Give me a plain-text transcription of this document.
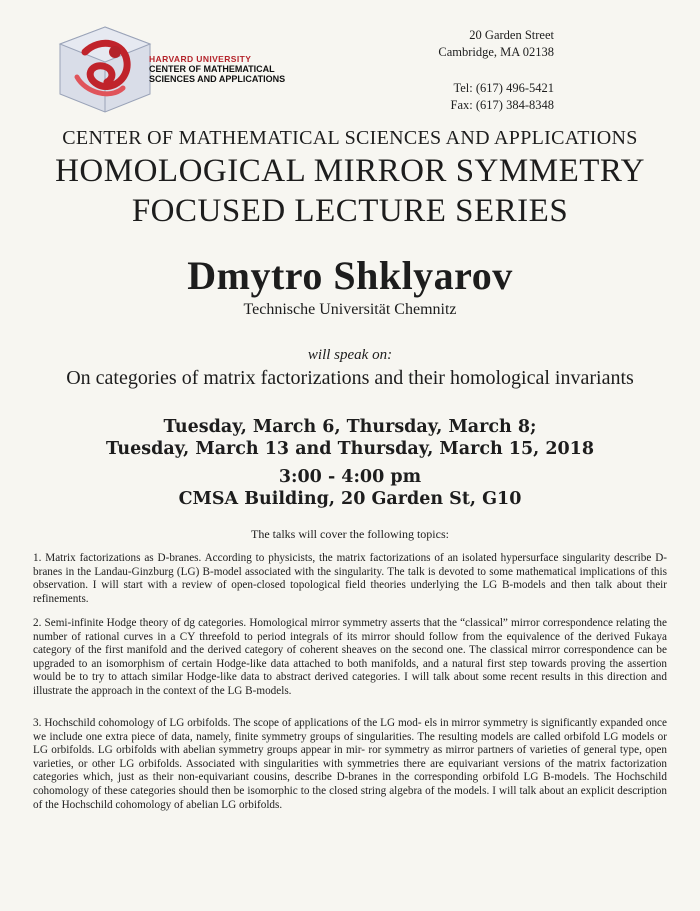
HARVARD UNIVERSITY
CENTER OF MATHEMATICAL
SCIENCES AND APPLICATIONS
20 Garden Street
Cambridge, MA 02138
Tel: (617) 496-5421
Fax: (617) 384-8348
CENTER OF MATHEMATICAL SCIENCES AND APPLICATIONS
HOMOLOGICAL MIRROR SYMMETRY
FOCUSED LECTURE SERIES
Dmytro Shklyarov
Technische Universität Chemnitz
will speak on:
On categories of matrix factorizations and their homological invariants
Tuesday, March 6, Thursday, March 8;
Tuesday, March 13 and Thursday, March 15, 2018
3:00 - 4:00 pm
CMSA Building, 20 Garden St, G10
The talks will cover the following topics:
1. Matrix factorizations as D-branes. According to physicists, the matrix factorizations of an isolated hypersurface singularity describe D-branes in the Landau-Ginzburg (LG) B-model associated with the singularity. The talk is devoted to some mathematical implications of this observation. I will start with a review of open-closed topological field theories underlying the LG B-models and then talk about their refinements.
2. Semi-infinite Hodge theory of dg categories. Homological mirror symmetry asserts that the “classical” mirror correspondence relating the number of rational curves in a CY threefold to period integrals of its mirror should follow from the equivalence of the derived Fukaya category of the first manifold and the derived category of coherent sheaves on the second one. The classical mirror correspondence can be upgraded to an isomorphism of certain Hodge-like data attached to both manifolds, and a natural first step towards proving the assertion would be to try to attach similar Hodge-like data to abstract derived categories. I will talk about some recent results in this direction and illustrate the approach in the context of the LG B-models.
3. Hochschild cohomology of LG orbifolds. The scope of applications of the LG mod- els in mirror symmetry is significantly expanded once we include one extra piece of data, namely, finite symmetry groups of singularities. The resulting models are called orbifold LG models or LG orbifolds. LG orbifolds with abelian symmetry groups appear in mir- ror symmetry as mirror partners of varieties of general type, open varieties, or other LG orbifolds. Associated with singularities with symmetries there are equivariant versions of the matrix factorization categories which, just as their non-equivariant cousins, describe D-branes in the corresponding orbifold LG B-models. The Hochschild cohomology of these categories should then be isomorphic to the closed string algebra of the models. I will talk about an explicit description of the Hochschild cohomology of abelian LG orbifolds.
